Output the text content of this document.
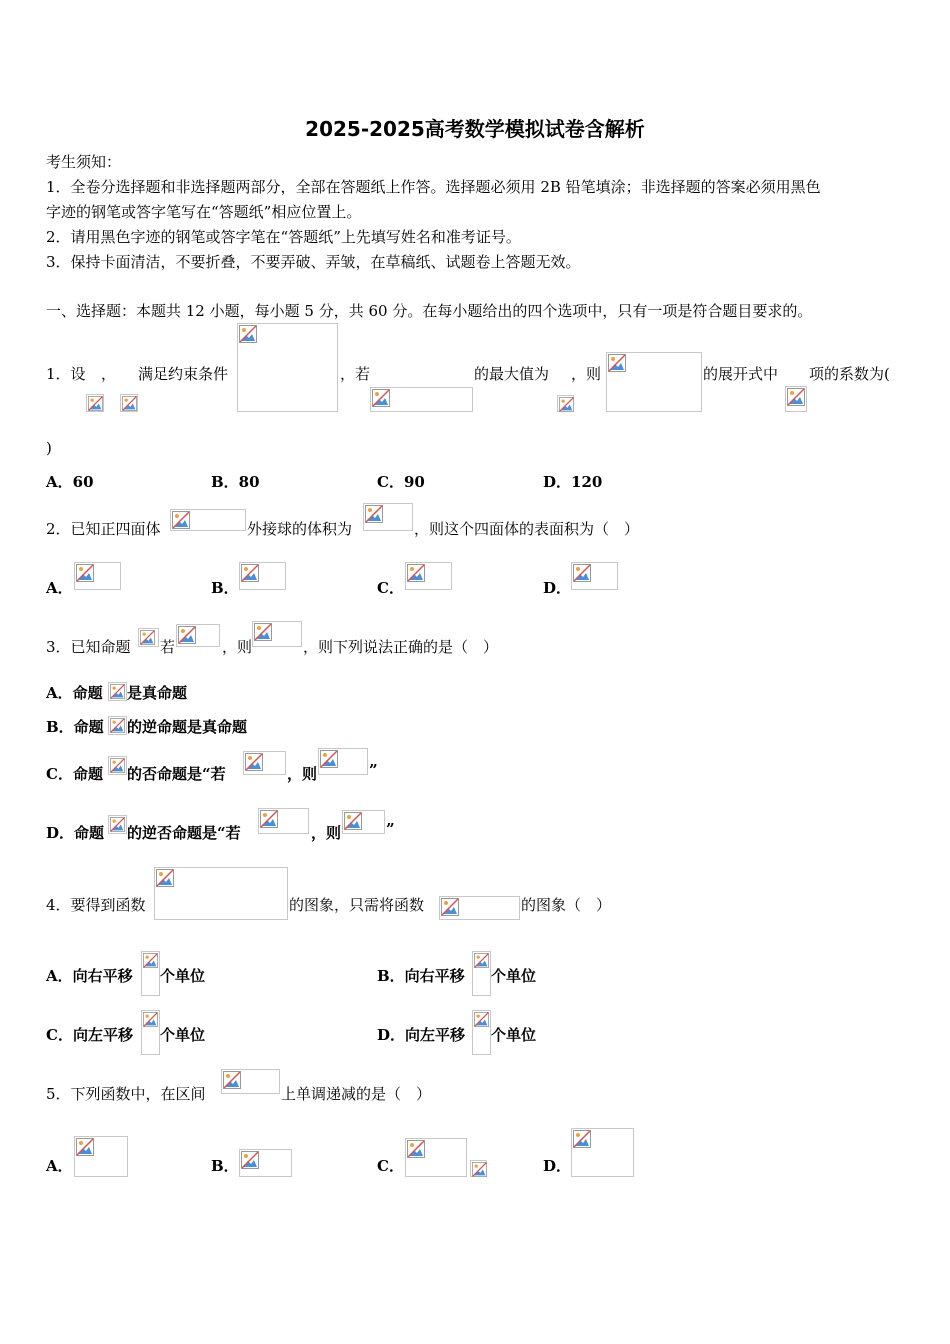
2025-2025高考数学模拟试卷含解析
考生须知：
1．全卷分选择题和非选择题两部分，全部在答题纸上作答。选择题必须用 2B 铅笔填涂；非选择题的答案必须用黑色
字迹的钢笔或答字笔写在“答题纸”相应位置上。
2．请用黑色字迹的钢笔或答字笔在“答题纸”上先填写姓名和准考证号。
3．保持卡面清洁，不要折叠，不要弄破、弄皱，在草稿纸、试题卷上答题无效。
一、选择题：本题共 12 小题，每小题 5 分，共 60 分。在每小题给出的四个选项中，只有一项是符合题目要求的。
1．设 ， 满足约束条件	，若	的最大值为 ，则	的展开式中 项的系数为(
)
A．60	B．80	C．90	D．120
2．已知正四面体	外接球的体积为	，则这个四面体的表面积为（　）
A．	B．	C．	D．
3．已知命题 若	，则	，则下列说法正确的是（　）
A．命题 是真命题
B．命题 的逆命题是真命题
C．命题 的否命题是“若	，则	”
D．命题 的逆否命题是“若	，则	”
4．要得到函数	的图象，只需将函数	的图象（　）
A．向右平移 个单位	B．向右平移 个单位
C．向左平移 个单位	D．向左平移 个单位
5．下列函数中，在区间	上单调递减的是（　）
A．	B．	C．	D．
